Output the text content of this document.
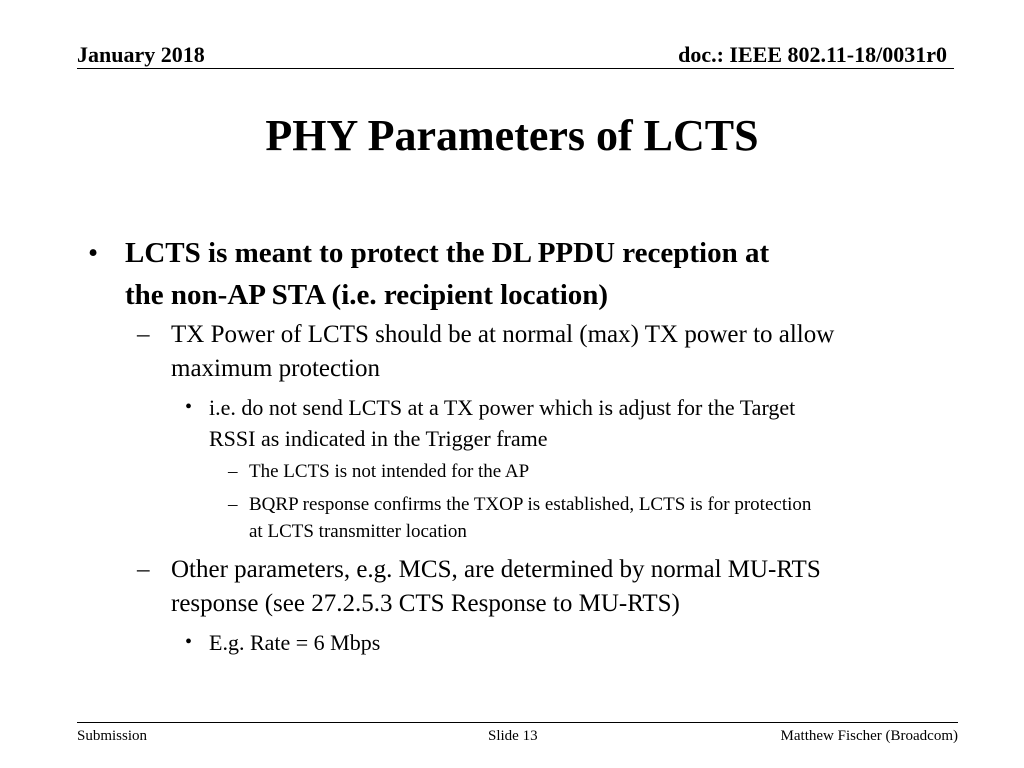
January 2018	doc.: IEEE 802.11-18/0031r0
PHY Parameters of LCTS
• LCTS is meant to protect the DL PPDU reception at
the non-AP STA (i.e. recipient location)
– TX Power of LCTS should be at normal (max) TX power to allow
maximum protection
• i.e. do not send LCTS at a TX power which is adjust for the Target
RSSI as indicated in the Trigger frame
– The LCTS is not intended for the AP
– BQRP response confirms the TXOP is established, LCTS is for protection
at LCTS transmitter location
– Other parameters, e.g. MCS, are determined by normal MU-RTS
response (see 27.2.5.3 CTS Response to MU-RTS)
• E.g. Rate = 6 Mbps
Submission	Slide 13	Matthew Fischer (Broadcom)
